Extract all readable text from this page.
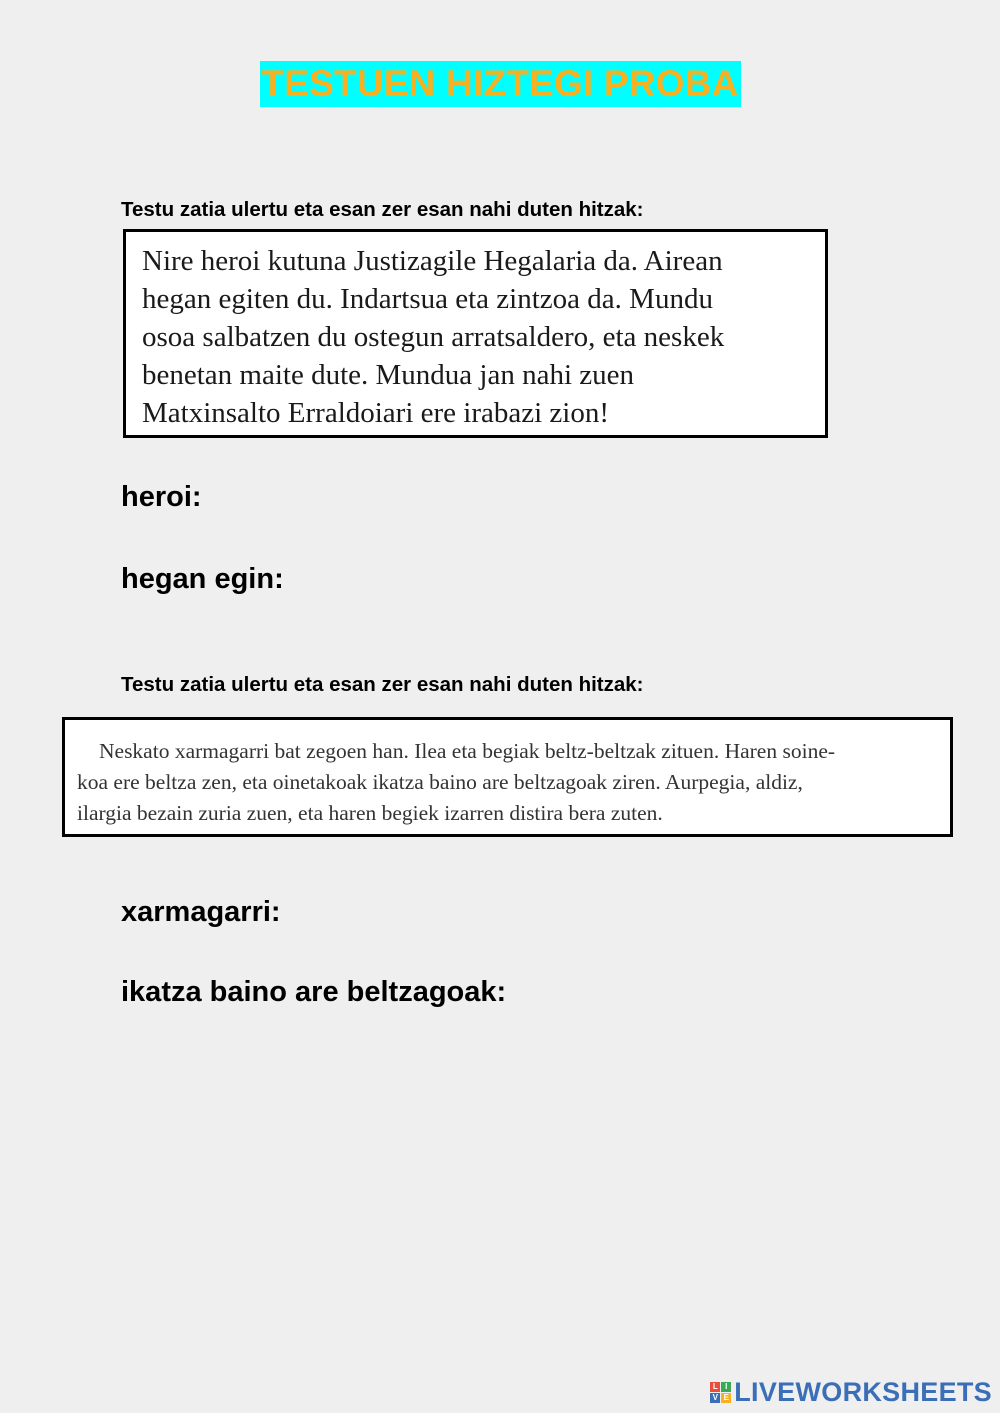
TESTUEN HIZTEGI PROBA
Testu zatia ulertu eta esan zer esan nahi duten hitzak:
Nire heroi kutuna Justizagile Hegalaria da. Airean
hegan egiten du. Indartsua eta zintzoa da. Mundu
osoa salbatzen du ostegun arratsaldero, eta neskek
benetan maite dute. Mundua jan nahi zuen
Matxinsalto Erraldoiari ere irabazi zion!
heroi:
hegan egin:
Testu zatia ulertu eta esan zer esan nahi duten hitzak:
Neskato xarmagarri bat zegoen han. Ilea eta begiak beltz-beltzak zituen. Haren soine-
koa ere beltza zen, eta oinetakoak ikatza baino are beltzagoak ziren. Aurpegia, aldiz,
ilargia bezain zuria zuen, eta haren begiek izarren distira bera zuten.
xarmagarri:
ikatza baino are beltzagoak:
L I
V E LIVEWORKSHEETS
